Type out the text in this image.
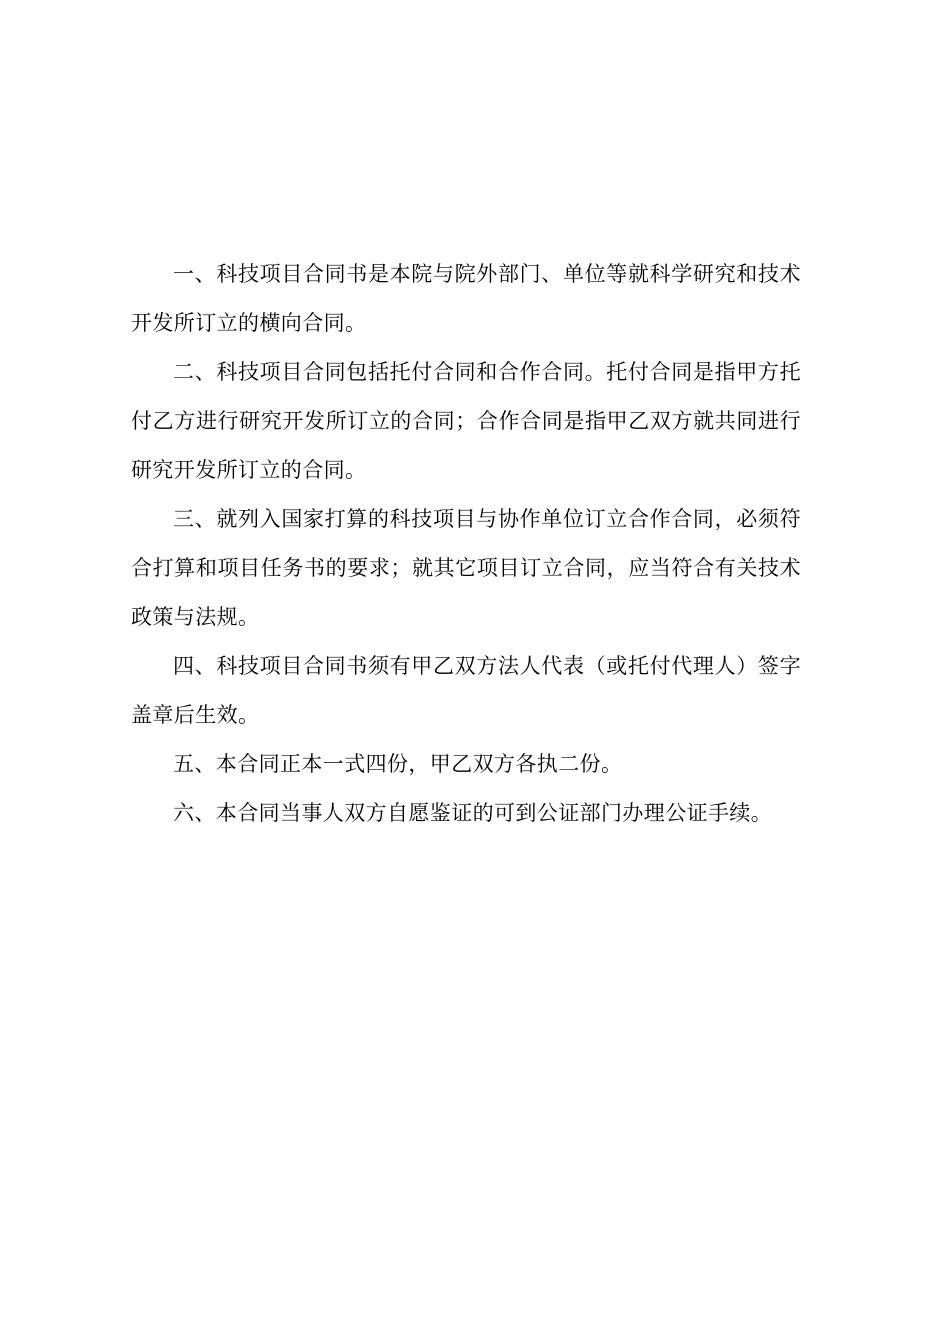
一、科技项目合同书是本院与院外部门、单位等就科学研究和技术开发所订立的横向合同。

二、科技项目合同包括托付合同和合作合同。托付合同是指甲方托付乙方进行研究开发所订立的合同；合作合同是指甲乙双方就共同进行研究开发所订立的合同。

三、就列入国家打算的科技项目与协作单位订立合作合同，必须符合打算和项目任务书的要求；就其它项目订立合同，应当符合有关技术政策与法规。

四、科技项目合同书须有甲乙双方法人代表（或托付代理人）签字盖章后生效。

五、本合同正本一式四份，甲乙双方各执二份。

六、本合同当事人双方自愿鉴证的可到公证部门办理公证手续。
